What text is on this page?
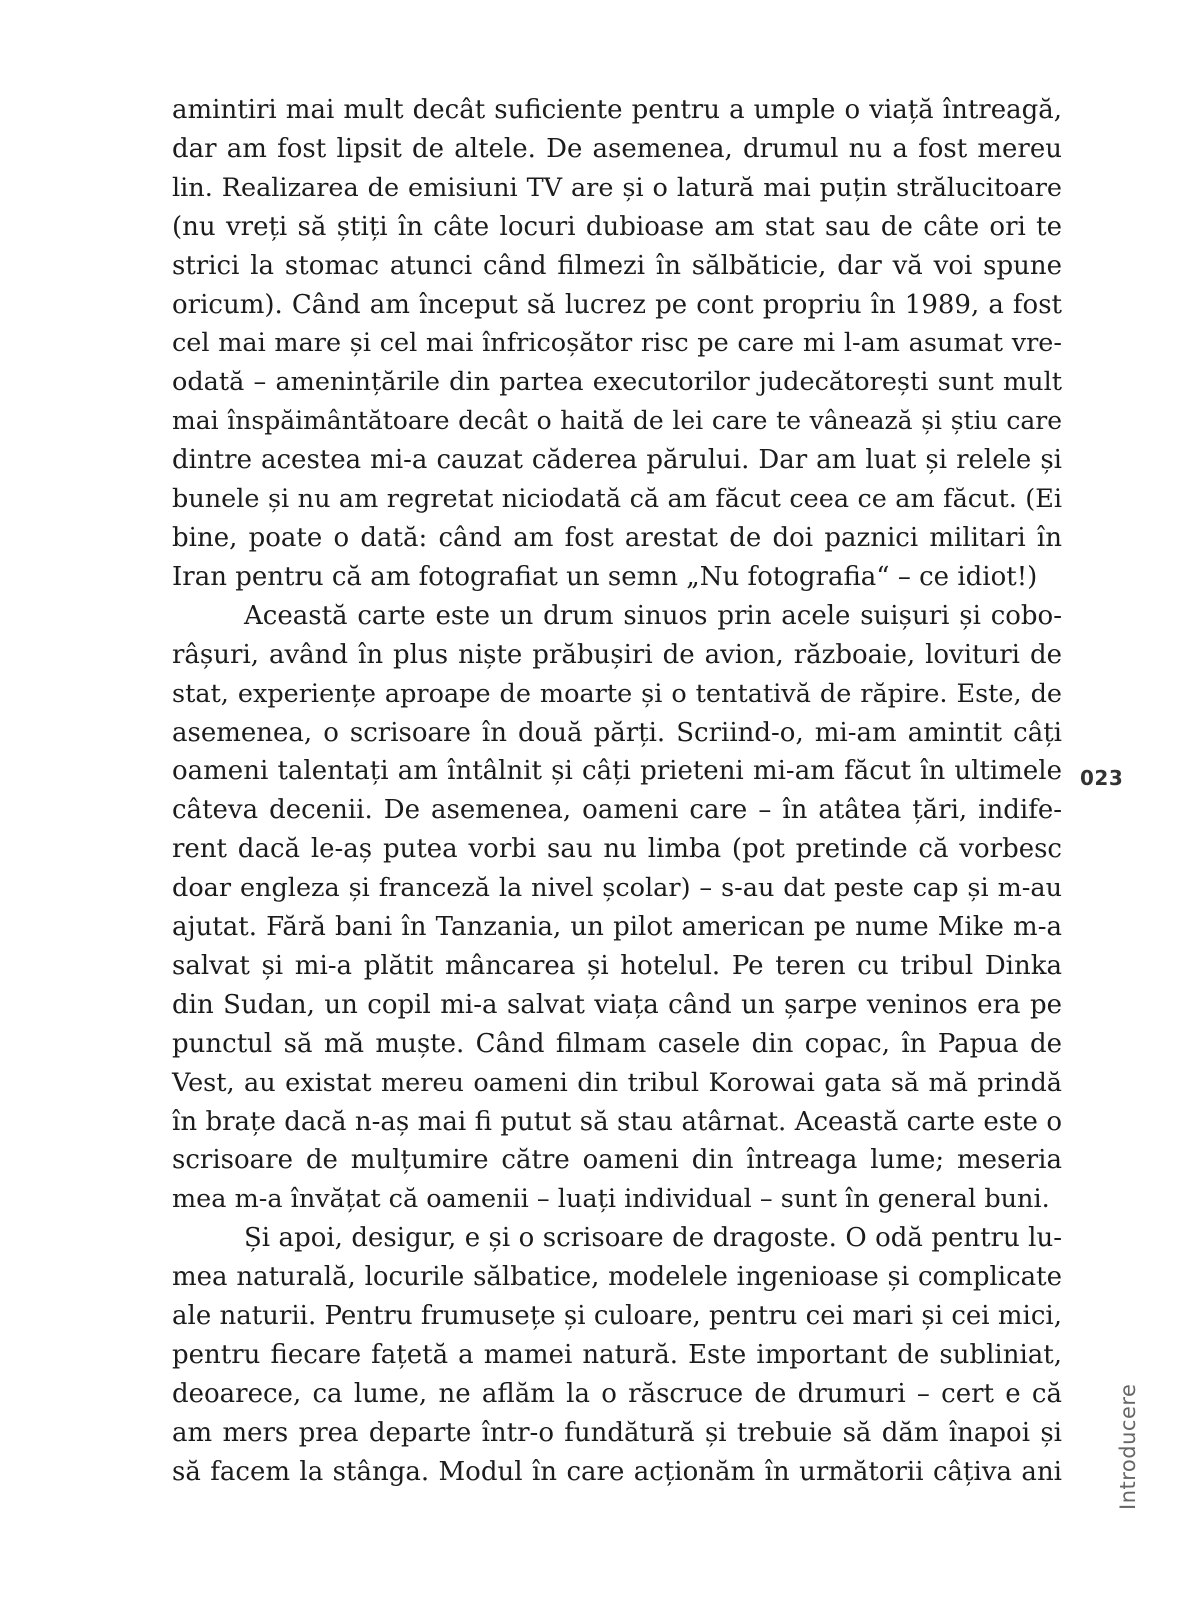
amintiri mai mult decât suficiente pentru a umple o viață întreagă,
dar am fost lipsit de altele. De asemenea, drumul nu a fost mereu
lin. Realizarea de emisiuni TV are și o latură mai puțin strălucitoare
(nu vreți să știți în câte locuri dubioase am stat sau de câte ori te
strici la stomac atunci când filmezi în sălbăticie, dar vă voi spune
oricum). Când am început să lucrez pe cont propriu în 1989, a fost
cel mai mare și cel mai înfricoșător risc pe care mi l-am asumat vre-
odată – amenințările din partea executorilor judecătorești sunt mult
mai înspăimântătoare decât o haită de lei care te vânează și știu care
dintre acestea mi-a cauzat căderea părului. Dar am luat și relele și
bunele și nu am regretat niciodată că am făcut ceea ce am făcut. (Ei
bine, poate o dată: când am fost arestat de doi paznici militari în
Iran pentru că am fotografiat un semn „Nu fotografia“ – ce idiot!)
Această carte este un drum sinuos prin acele suișuri și cobo-
râșuri, având în plus niște prăbușiri de avion, războaie, lovituri de
stat, experiențe aproape de moarte și o tentativă de răpire. Este, de
asemenea, o scrisoare în două părți. Scriind-o, mi-am amintit câți
oameni talentați am întâlnit și câți prieteni mi-am făcut în ultimele
câteva decenii. De asemenea, oameni care – în atâtea țări, indife-
rent dacă le-aș putea vorbi sau nu limba (pot pretinde că vorbesc
doar engleza și franceză la nivel școlar) – s-au dat peste cap și m-au
ajutat. Fără bani în Tanzania, un pilot american pe nume Mike m-a
salvat și mi-a plătit mâncarea și hotelul. Pe teren cu tribul Dinka
din Sudan, un copil mi-a salvat viața când un șarpe veninos era pe
punctul să mă muște. Când filmam casele din copac, în Papua de
Vest, au existat mereu oameni din tribul Korowai gata să mă prindă
în brațe dacă n-aș mai fi putut să stau atârnat. Această carte este o
scrisoare de mulțumire către oameni din întreaga lume; meseria
mea m-a învățat că oamenii – luați individual – sunt în general buni.
Și apoi, desigur, e și o scrisoare de dragoste. O odă pentru lu-
mea naturală, locurile sălbatice, modelele ingenioase și complicate
ale naturii. Pentru frumusețe și culoare, pentru cei mari și cei mici,
pentru fiecare fațetă a mamei natură. Este important de subliniat,
deoarece, ca lume, ne aflăm la o răscruce de drumuri – cert e că
am mers prea departe într-o fundătură și trebuie să dăm înapoi și
să facem la stânga. Modul în care acționăm în următorii câțiva ani
023
Introducere
